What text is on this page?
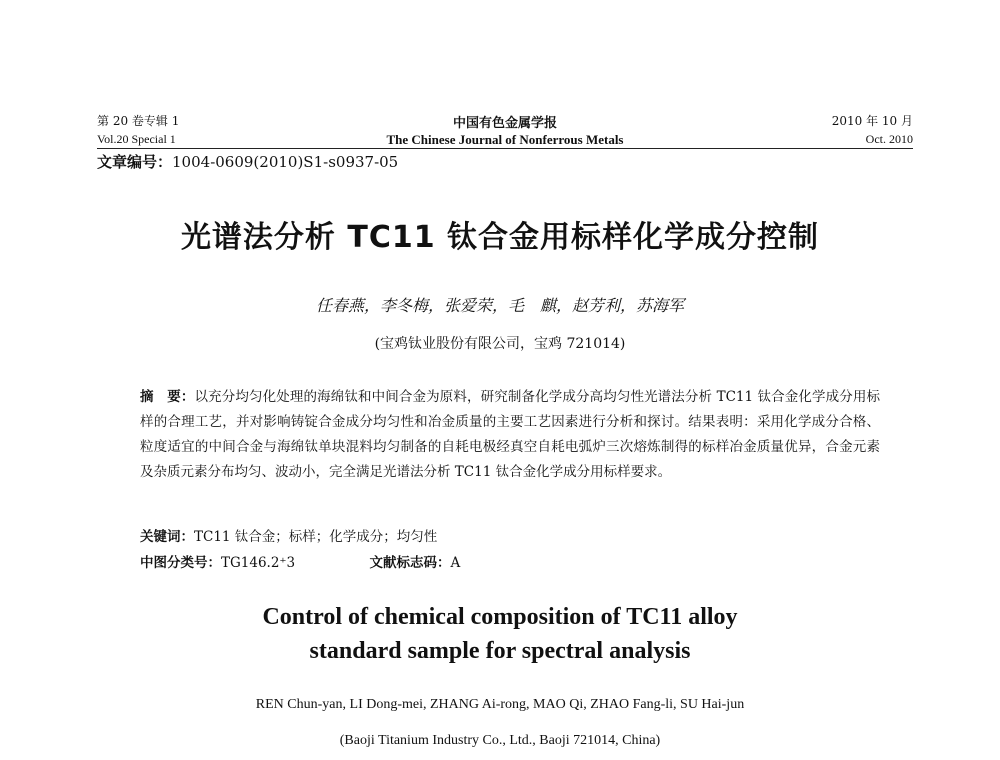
第 20 卷专辑 1	中国有色金属学报	2010 年 10 月
Vol.20 Special 1	The Chinese Journal of Nonferrous Metals	Oct. 2010
文章编号：1004-0609(2010)S1-s0937-05
光谱法分析 TC11 钛合金用标样化学成分控制
任春燕，李冬梅，张爱荣，毛　麒，赵芳利，苏海军
(宝鸡钛业股份有限公司，宝鸡 721014)
摘　要：以充分均匀化处理的海绵钛和中间合金为原料，研究制备化学成分高均匀性光谱法分析 TC11 钛合金化学成分用标样的合理工艺，并对影响铸锭合金成分均匀性和冶金质量的主要工艺因素进行分析和探讨。结果表明：采用化学成分合格、粒度适宜的中间合金与海绵钛单块混料均匀制备的自耗电极经真空自耗电弧炉三次熔炼制得的标样冶金质量优异，合金元素及杂质元素分布均匀、波动小，完全满足光谱法分析 TC11 钛合金化学成分用标样要求。
关键词：TC11 钛合金；标样；化学成分；均匀性
中图分类号：TG146.2⁺3	文献标志码：A
Control of chemical composition of TC11 alloy
standard sample for spectral analysis
REN Chun-yan, LI Dong-mei, ZHANG Ai-rong, MAO Qi, ZHAO Fang-li, SU Hai-jun
(Baoji Titanium Industry Co., Ltd., Baoji 721014, China)
